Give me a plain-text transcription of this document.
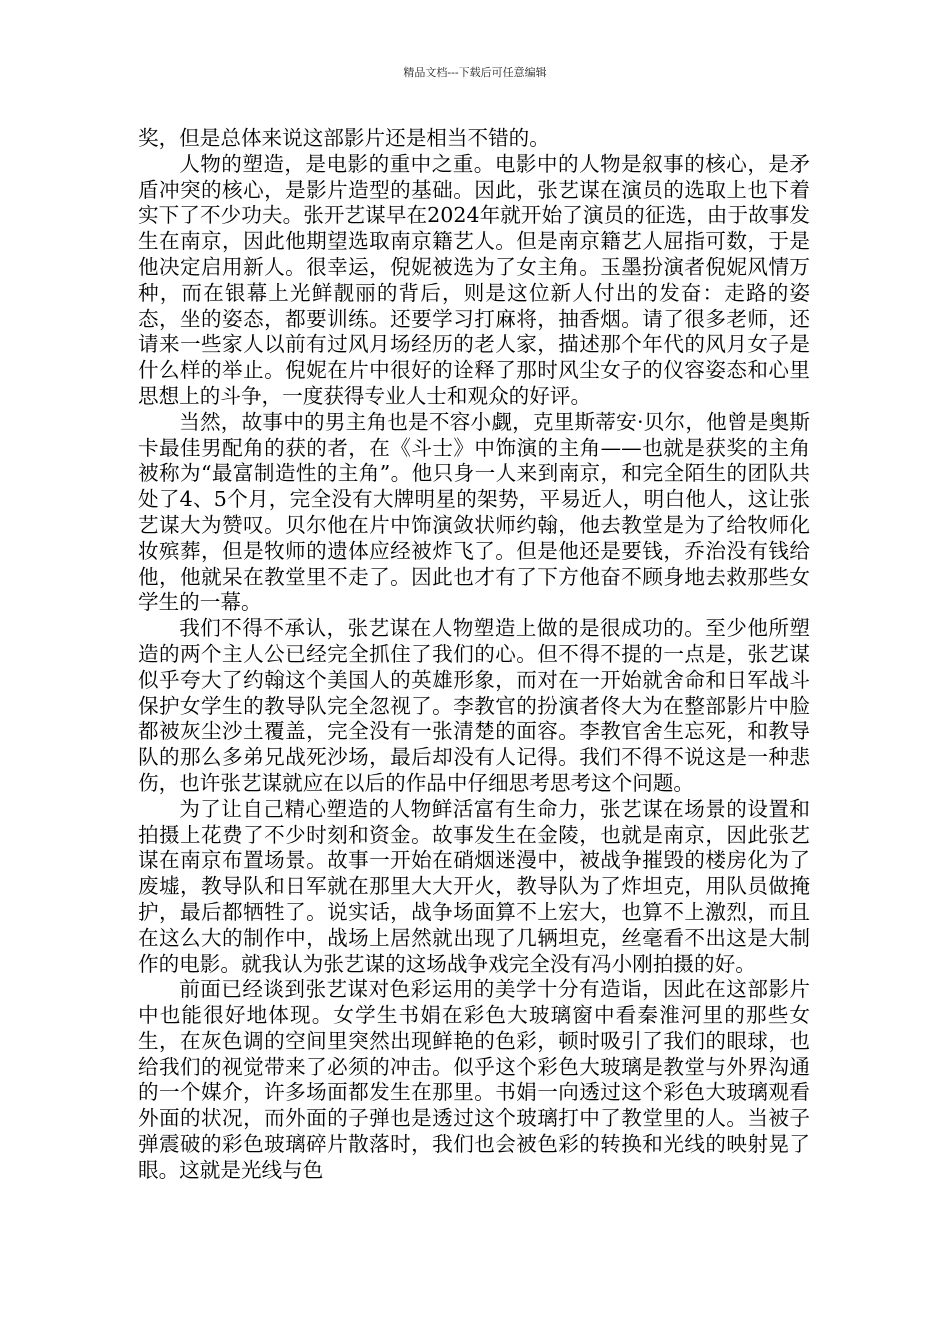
精品文档---下载后可任意编辑

奖，但是总体来说这部影片还是相当不错的。

人物的塑造，是电影的重中之重。电影中的人物是叙事的核心，是矛盾冲突的核心，是影片造型的基础。因此，张艺谋在演员的选取上也下着实下了不少功夫。张开艺谋早在2024年就开始了演员的征选，由于故事发生在南京，因此他期望选取南京籍艺人。但是南京籍艺人屈指可数，于是他决定启用新人。很幸运，倪妮被选为了女主角。玉墨扮演者倪妮风情万种，而在银幕上光鲜靓丽的背后，则是这位新人付出的发奋：走路的姿态，坐的姿态，都要训练。还要学习打麻将，抽香烟。请了很多老师，还请来一些家人以前有过风月场经历的老人家，描述那个年代的风月女子是什么样的举止。倪妮在片中很好的诠释了那时风尘女子的仪容姿态和心里思想上的斗争，一度获得专业人士和观众的好评。

当然，故事中的男主角也是不容小觑，克里斯蒂安·贝尔，他曾是奥斯卡最佳男配角的获的者，在《斗士》中饰演的主角——也就是获奖的主角被称为“最富制造性的主角”。他只身一人来到南京，和完全陌生的团队共处了4、5个月，完全没有大牌明星的架势，平易近人，明白他人，这让张艺谋大为赞叹。贝尔他在片中饰演敛状师约翰，他去教堂是为了给牧师化妆殡葬，但是牧师的遗体应经被炸飞了。但是他还是要钱，乔治没有钱给他，他就呆在教堂里不走了。因此也才有了下方他奋不顾身地去救那些女学生的一幕。

我们不得不承认，张艺谋在人物塑造上做的是很成功的。至少他所塑造的两个主人公已经完全抓住了我们的心。但不得不提的一点是，张艺谋似乎夸大了约翰这个美国人的英雄形象，而对在一开始就舍命和日军战斗保护女学生的教导队完全忽视了。李教官的扮演者佟大为在整部影片中脸都被灰尘沙土覆盖，完全没有一张清楚的面容。李教官舍生忘死，和教导队的那么多弟兄战死沙场，最后却没有人记得。我们不得不说这是一种悲伤，也许张艺谋就应在以后的作品中仔细思考思考这个问题。

为了让自己精心塑造的人物鲜活富有生命力，张艺谋在场景的设置和拍摄上花费了不少时刻和资金。故事发生在金陵，也就是南京，因此张艺谋在南京布置场景。故事一开始在硝烟迷漫中，被战争摧毁的楼房化为了废墟，教导队和日军就在那里大大开火，教导队为了炸坦克，用队员做掩护，最后都牺牲了。说实话，战争场面算不上宏大，也算不上激烈，而且在这么大的制作中，战场上居然就出现了几辆坦克，丝毫看不出这是大制作的电影。就我认为张艺谋的这场战争戏完全没有冯小刚拍摄的好。

前面已经谈到张艺谋对色彩运用的美学十分有造诣，因此在这部影片中也能很好地体现。女学生书娟在彩色大玻璃窗中看秦淮河里的那些女生，在灰色调的空间里突然出现鲜艳的色彩，顿时吸引了我们的眼球，也给我们的视觉带来了必须的冲击。似乎这个彩色大玻璃是教堂与外界沟通的一个媒介，许多场面都发生在那里。书娟一向透过这个彩色大玻璃观看外面的状况，而外面的子弹也是透过这个玻璃打中了教堂里的人。当被子弹震破的彩色玻璃碎片散落时，我们也会被色彩的转换和光线的映射晃了眼。这就是光线与色
